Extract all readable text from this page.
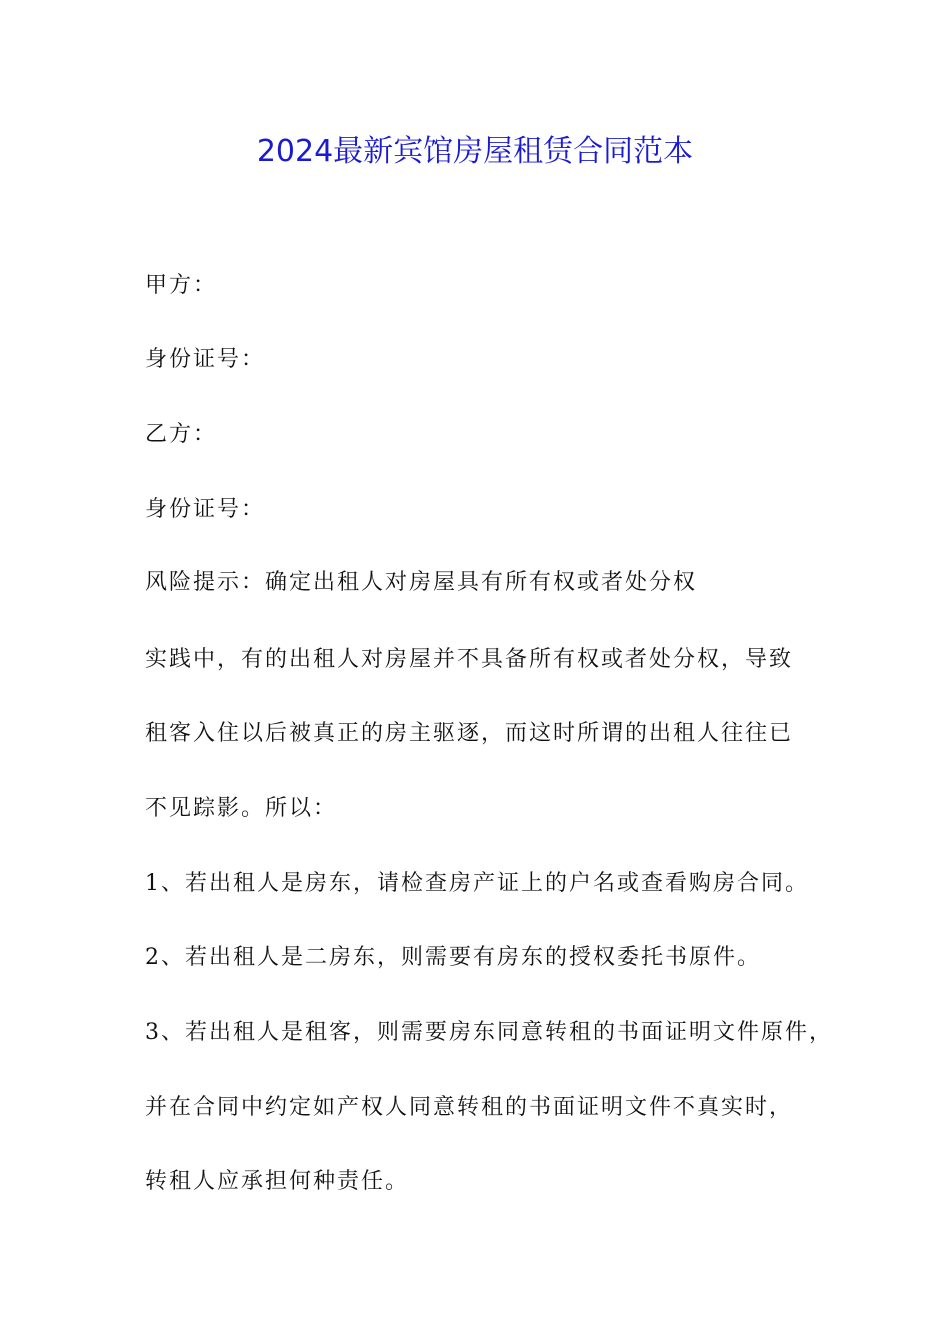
2024最新宾馆房屋租赁合同范本
甲方：
身份证号：
乙方：
身份证号：
风险提示：确定出租人对房屋具有所有权或者处分权
实践中，有的出租人对房屋并不具备所有权或者处分权，导致
租客入住以后被真正的房主驱逐，而这时所谓的出租人往往已
不见踪影。所以：
1、若出租人是房东，请检查房产证上的户名或查看购房合同。
2、若出租人是二房东，则需要有房东的授权委托书原件。
3、若出租人是租客，则需要房东同意转租的书面证明文件原件，
并在合同中约定如产权人同意转租的书面证明文件不真实时，
转租人应承担何种责任。
